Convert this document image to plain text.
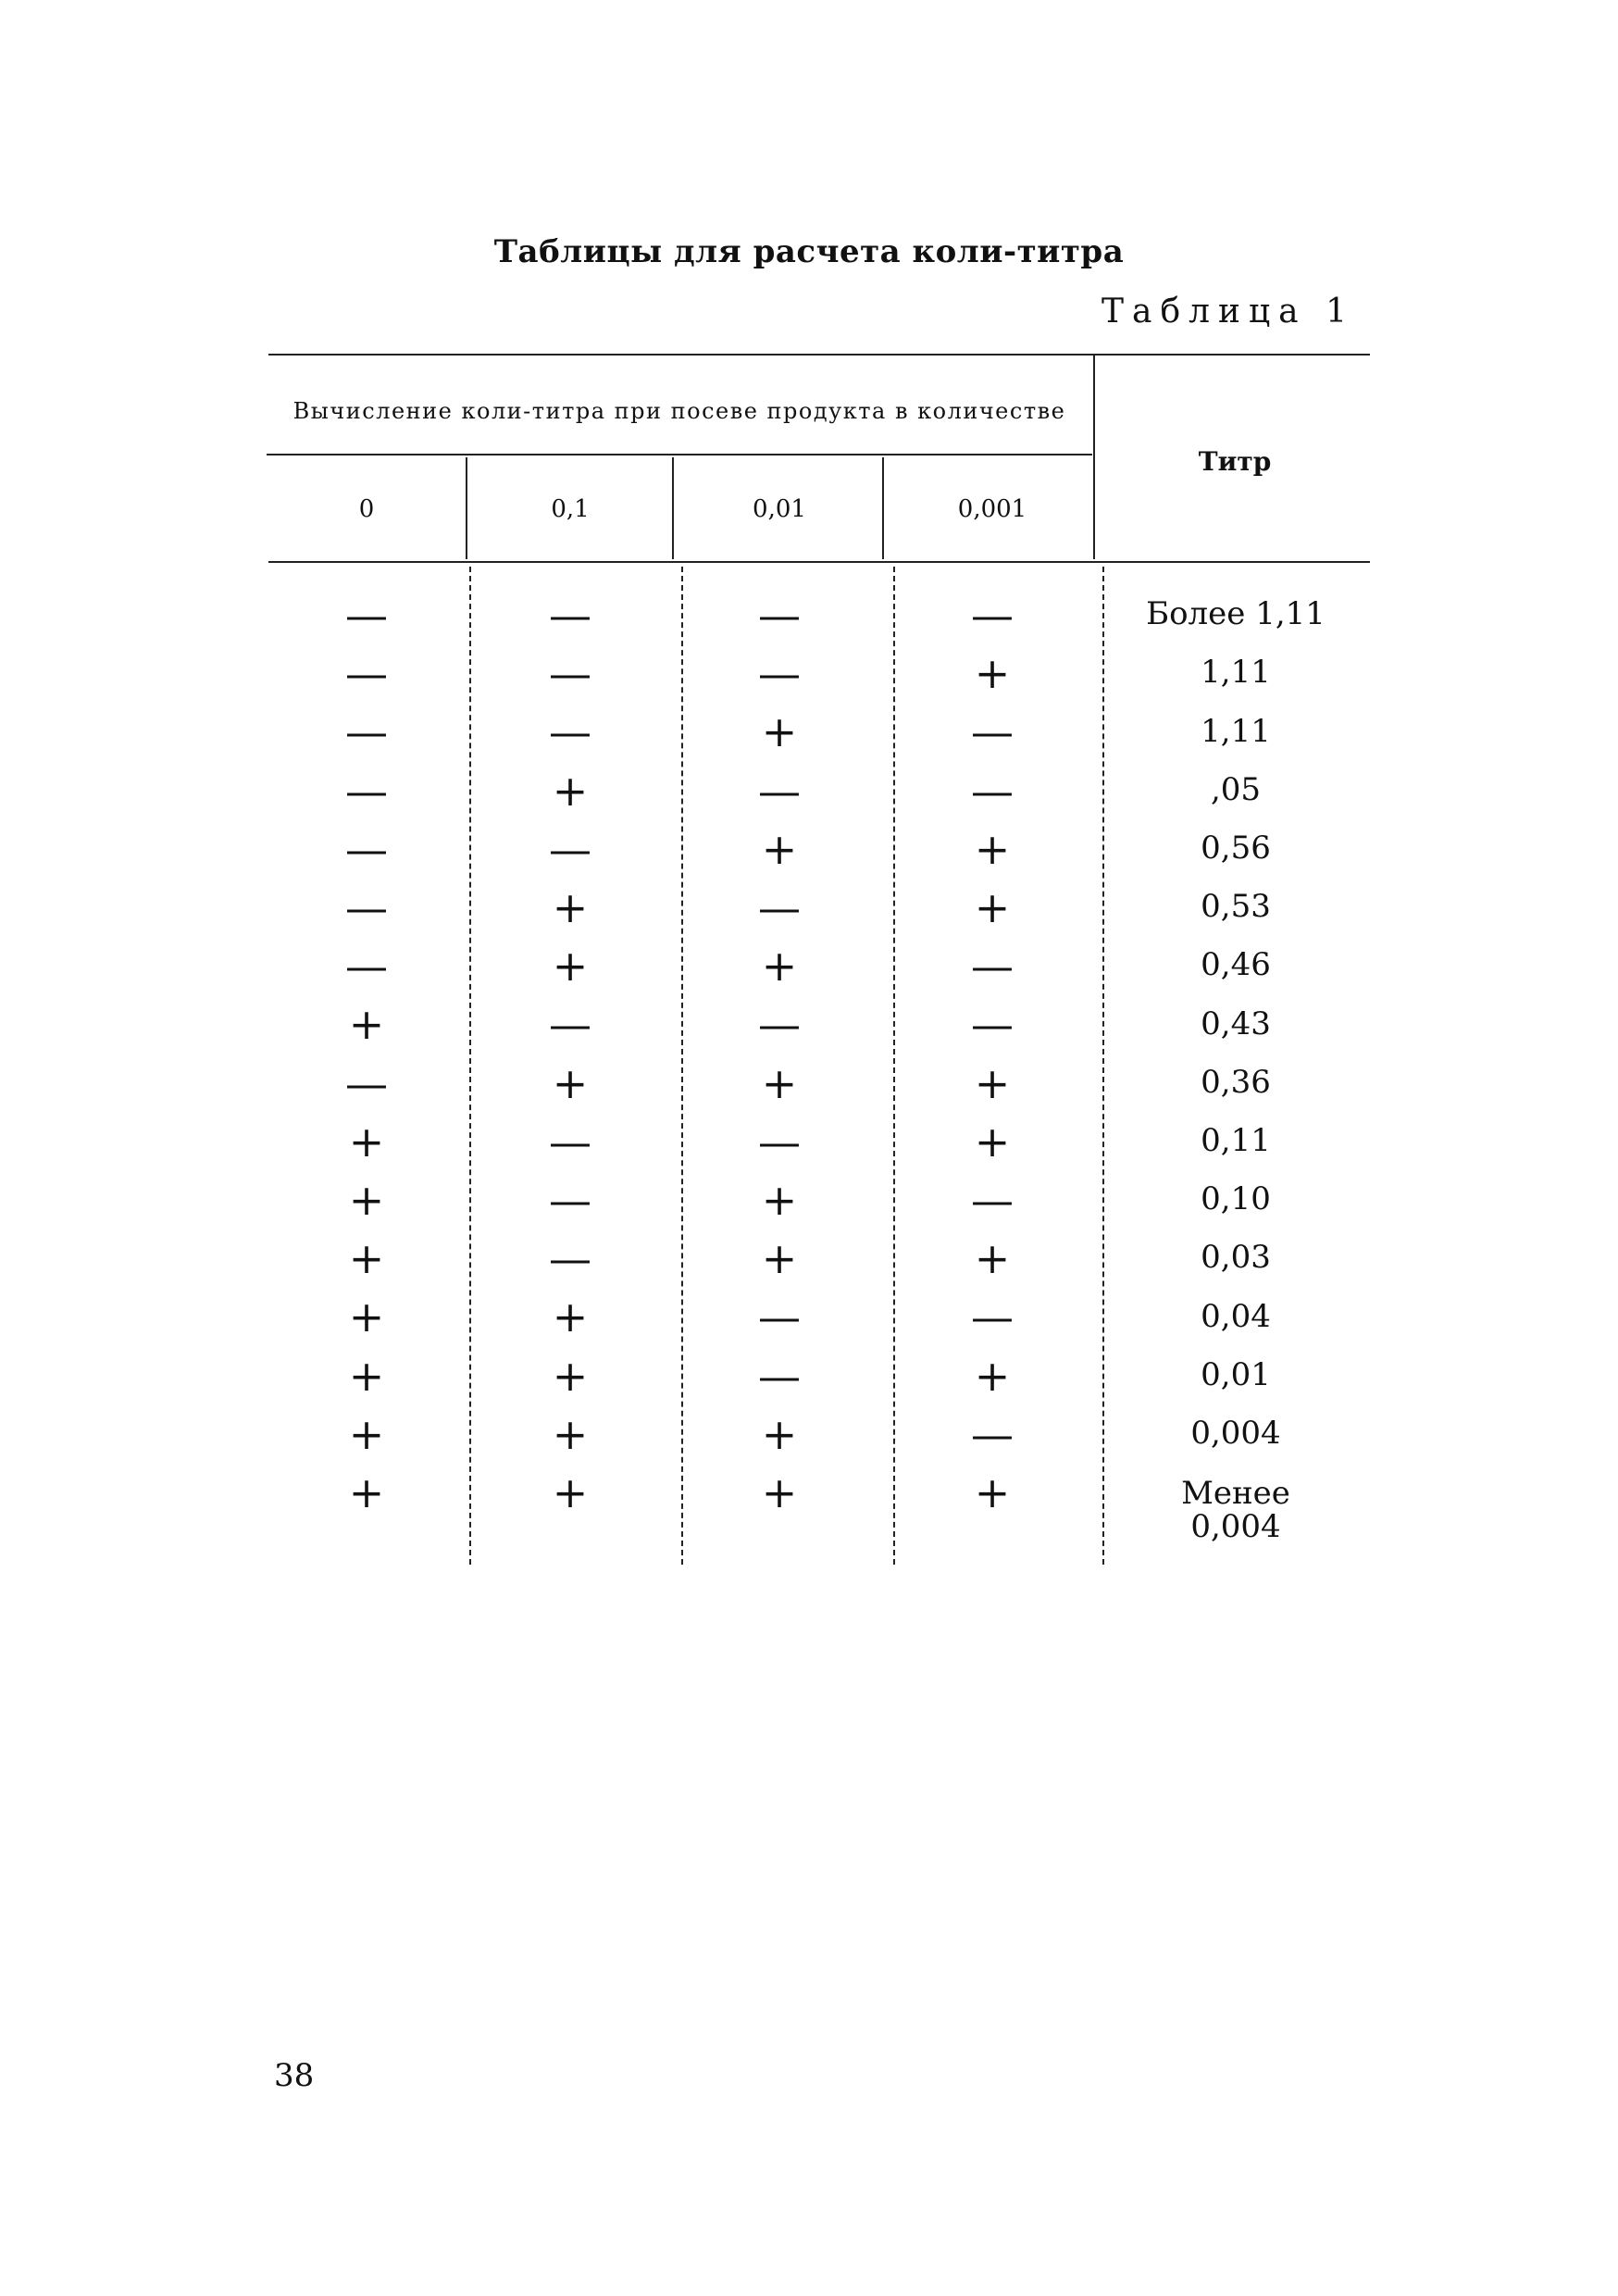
Таблицы для расчета коли-титра
Таблица 1
Вычисление коли-титра при посеве продукта в количестве
Титр
0	0,1	0,01	0,001
—	—	—	—	Более 1,11
—	—	—	+	1,11
—	—	+	—	1,11
—	+	—	—	,05
—	—	+	+	0,56
—	+	—	+	0,53
—	+	+	—	0,46
+	—	—	—	0,43
—	+	+	+	0,36
+	—	—	+	0,11
+	—	+	—	0,10
+	—	+	+	0,03
+	+	—	—	0,04
+	+	—	+	0,01
+	+	+	—	0,004
+	+	+	+	Менее 0,004
38
